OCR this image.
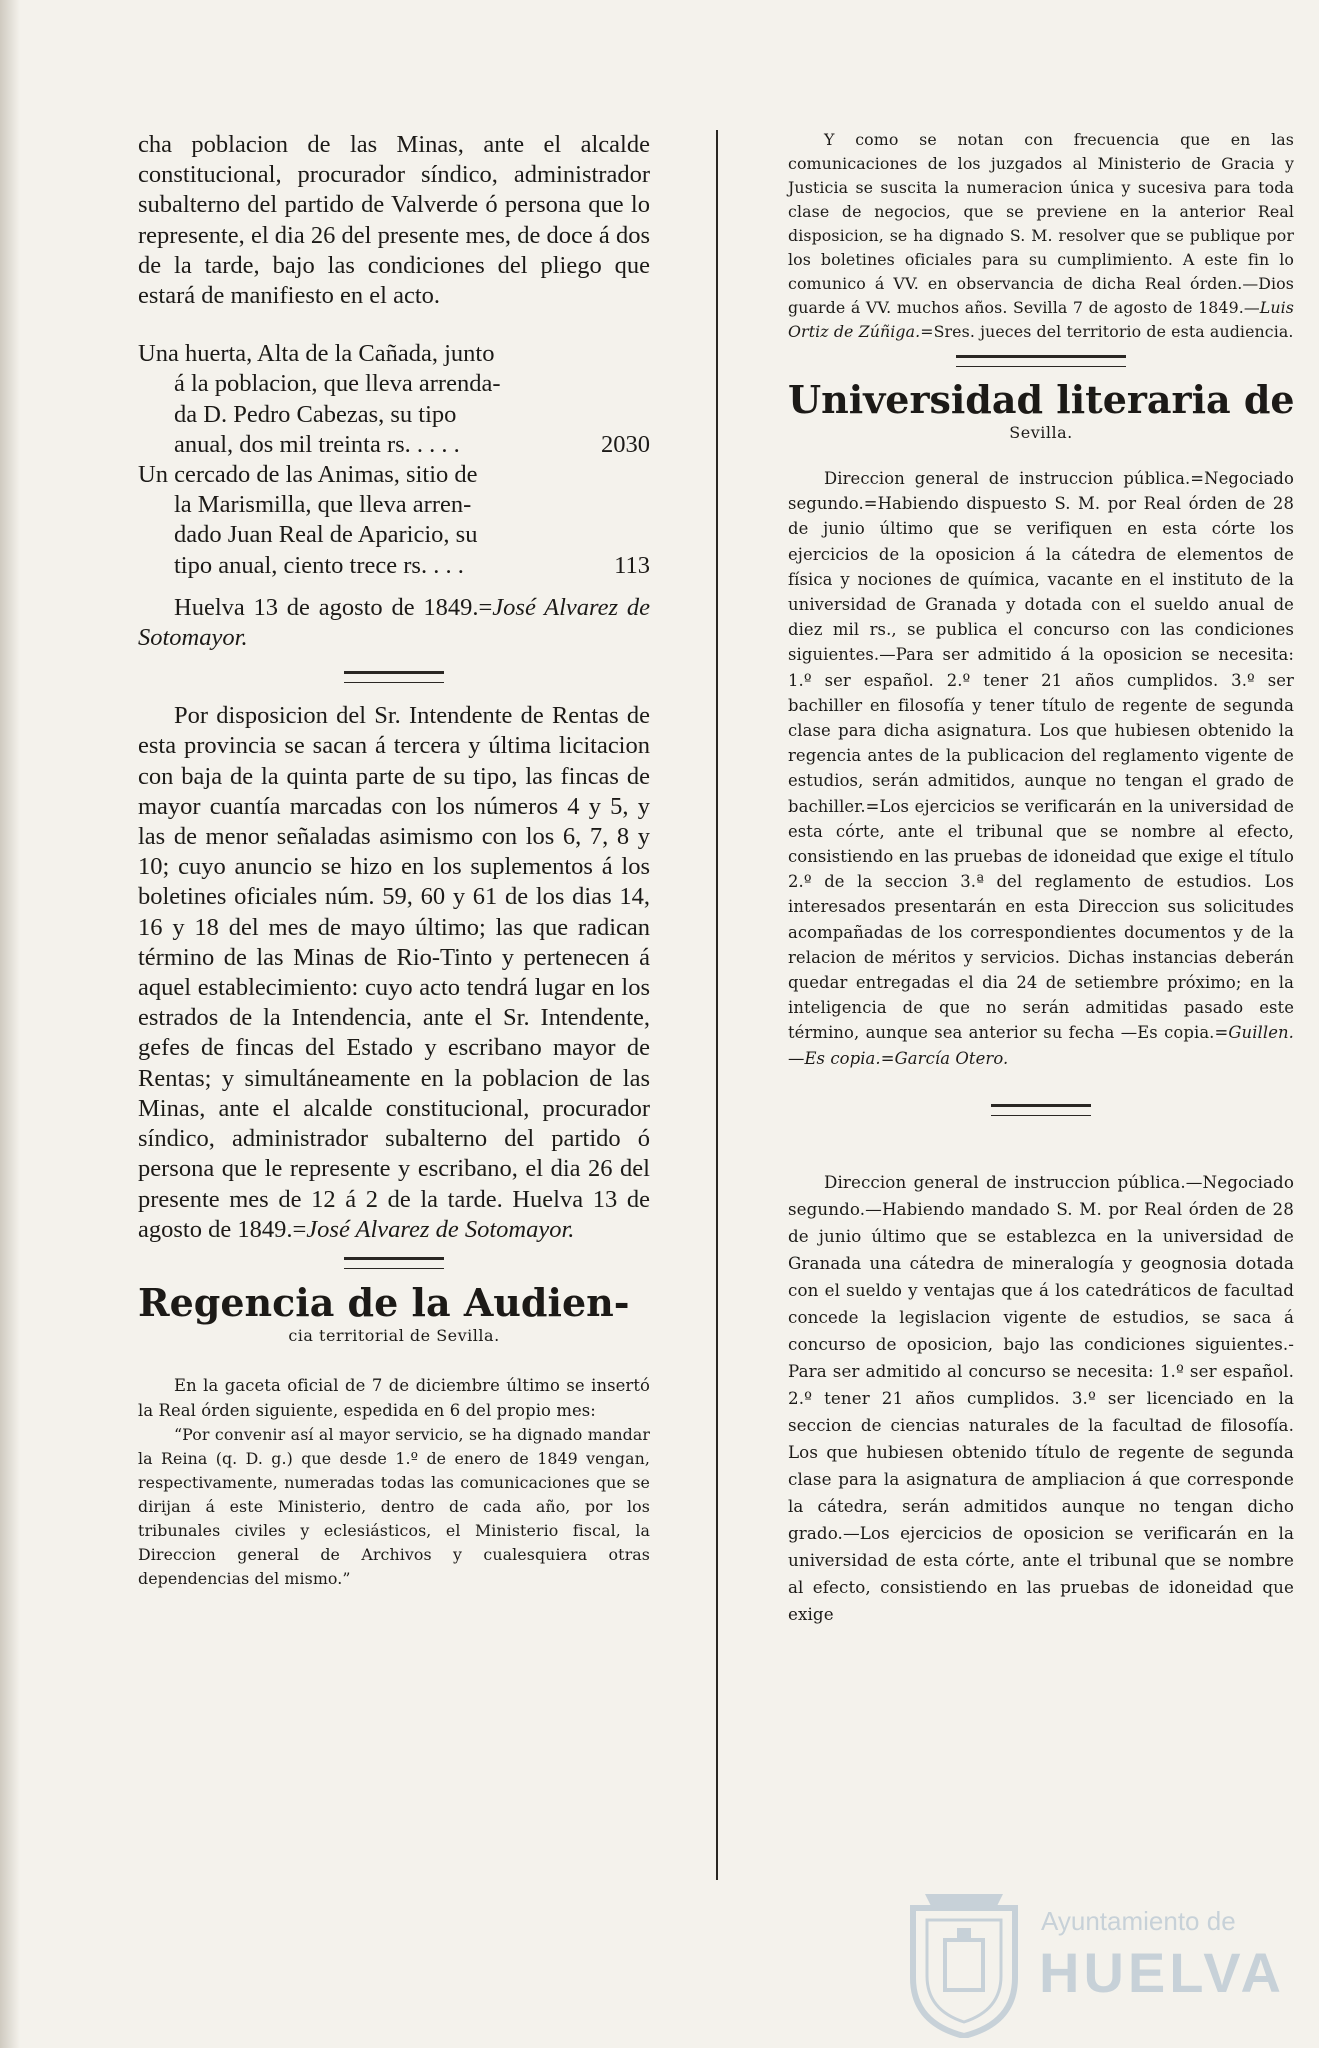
cha poblacion de las Minas, ante el alcalde constitucional, procurador síndico, administrador subalterno del partido de Valverde ó persona que lo represente, el dia 26 del presente mes, de doce á dos de la tarde, bajo las condiciones del pliego que estará de manifiesto en el acto.

Una huerta, Alta de la Cañada, junto
á la poblacion, que lleva arrenda-
da D. Pedro Cabezas, su tipo
anual, dos mil treinta rs. . . . .	2030
Un cercado de las Animas, sitio de
la Marismilla, que lleva arren-
dado Juan Real de Aparicio, su
tipo anual, ciento trece rs. . . .	113

Huelva 13 de agosto de 1849.=José Alvarez de Sotomayor.

Por disposicion del Sr. Intendente de Rentas de esta provincia se sacan á tercera y última licitacion con baja de la quinta parte de su tipo, las fincas de mayor cuantía marcadas con los números 4 y 5, y las de menor señaladas asimismo con los 6, 7, 8 y 10; cuyo anuncio se hizo en los suplementos á los boletines oficiales núm. 59, 60 y 61 de los dias 14, 16 y 18 del mes de mayo último; las que radican término de las Minas de Rio-Tinto y pertenecen á aquel establecimiento: cuyo acto tendrá lugar en los estrados de la Intendencia, ante el Sr. Intendente, gefes de fincas del Estado y escribano mayor de Rentas; y simultáneamente en la poblacion de las Minas, ante el alcalde constitucional, procurador síndico, administrador subalterno del partido ó persona que le represente y escribano, el dia 26 del presente mes de 12 á 2 de la tarde. Huelva 13 de agosto de 1849.=José Alvarez de Sotomayor.

Regencia de la Audien-

cia territorial de Sevilla.

En la gaceta oficial de 7 de diciembre último se insertó la Real órden siguiente, espedida en 6 del propio mes:

“Por convenir así al mayor servicio, se ha dignado mandar la Reina (q. D. g.) que desde 1.º de enero de 1849 vengan, respectivamente, numeradas todas las comunicaciones que se dirijan á este Ministerio, dentro de cada año, por los tribunales civiles y eclesiásticos, el Ministerio fiscal, la Direccion general de Archivos y cualesquiera otras dependencias del mismo.”

Y como se notan con frecuencia que en las comunicaciones de los juzgados al Ministerio de Gracia y Justicia se suscita la numeracion única y sucesiva para toda clase de negocios, que se previene en la anterior Real disposicion, se ha dignado S. M. resolver que se publique por los boletines oficiales para su cumplimiento. A este fin lo comunico á VV. en observancia de dicha Real órden.—Dios guarde á VV. muchos años. Sevilla 7 de agosto de 1849.—Luis Ortiz de Zúñiga.=Sres. jueces del territorio de esta audiencia.

Universidad literaria de

Sevilla.

Direccion general de instruccion pública.=Negociado segundo.=Habiendo dispuesto S. M. por Real órden de 28 de junio último que se verifiquen en esta córte los ejercicios de la oposicion á la cátedra de elementos de física y nociones de química, vacante en el instituto de la universidad de Granada y dotada con el sueldo anual de diez mil rs., se publica el concurso con las condiciones siguientes.—Para ser admitido á la oposicion se necesita: 1.º ser español. 2.º tener 21 años cumplidos. 3.º ser bachiller en filosofía y tener título de regente de segunda clase para dicha asignatura. Los que hubiesen obtenido la regencia antes de la publicacion del reglamento vigente de estudios, serán admitidos, aunque no tengan el grado de bachiller.=Los ejercicios se verificarán en la universidad de esta córte, ante el tribunal que se nombre al efecto, consistiendo en las pruebas de idoneidad que exige el título 2.º de la seccion 3.ª del reglamento de estudios. Los interesados presentarán en esta Direccion sus solicitudes acompañadas de los correspondientes documentos y de la relacion de méritos y servicios. Dichas instancias deberán quedar entregadas el dia 24 de setiembre próximo; en la inteligencia de que no serán admitidas pasado este término, aunque sea anterior su fecha —Es copia.=Guillen.—Es copia.=García Otero.

Direccion general de instruccion pública.—Negociado segundo.—Habiendo mandado S. M. por Real órden de 28 de junio último que se establezca en la universidad de Granada una cátedra de mineralogía y geognosia dotada con el sueldo y ventajas que á los catedráticos de facultad concede la legislacion vigente de estudios, se saca á concurso de oposicion, bajo las condiciones siguientes.- Para ser admitido al concurso se necesita: 1.º ser español. 2.º tener 21 años cumplidos. 3.º ser licenciado en la seccion de ciencias naturales de la facultad de filosofía. Los que hubiesen obtenido título de regente de segunda clase para la asignatura de ampliacion á que corresponde la cátedra, serán admitidos aunque no tengan dicho grado.—Los ejercicios de oposicion se verificarán en la universidad de esta córte, ante el tribunal que se nombre al efecto, consistiendo en las pruebas de idoneidad que exige

Ayuntamiento de
HUELVA
